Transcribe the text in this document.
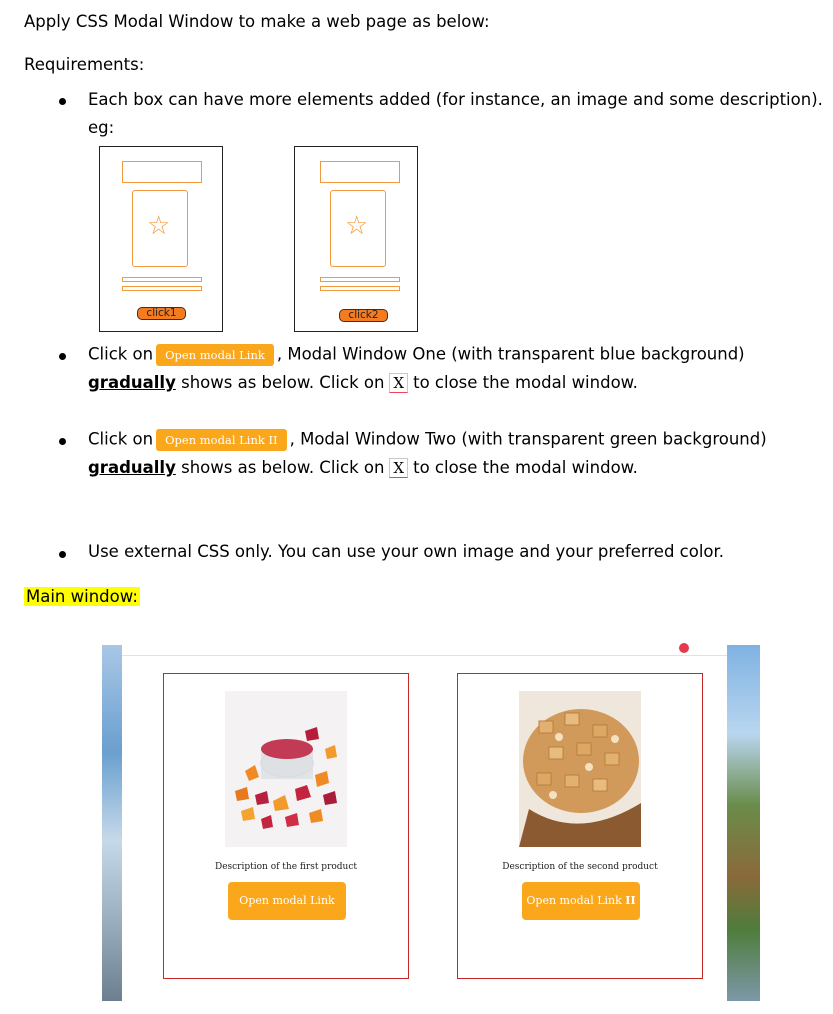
Apply CSS Modal Window to make a web page as below:
Requirements:
Each box can have more elements added (for instance, an image and some description).
eg:
☆
click1
☆
click2
Click on Open modal Link , Modal Window One (with transparent blue background)
gradually shows as below. Click on X to close the modal window.
Click on Open modal Link II , Modal Window Two (with transparent green background)
gradually shows as below. Click on X to close the modal window.
Use external CSS only. You can use your own image and your preferred color.
Main window:
Description of the first product
Open modal Link
Description of the second product
Open modal Link II
